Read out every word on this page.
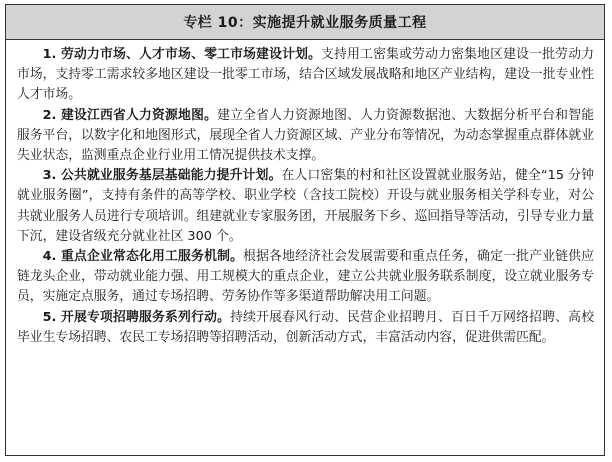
专栏 10：实施提升就业服务质量工程

1. 劳动力市场、人才市场、零工市场建设计划。支持用工密集或劳动力密集地区建设一批劳动力市场，支持零工需求较多地区建设一批零工市场，结合区域发展战略和地区产业结构，建设一批专业性人才市场。

2. 建设江西省人力资源地图。建立全省人力资源地图、人力资源数据池、大数据分析平台和智能服务平台，以数字化和地图形式，展现全省人力资源区域、产业分布等情况，为动态掌握重点群体就业失业状态，监测重点企业行业用工情况提供技术支撑。

3. 公共就业服务基层基础能力提升计划。在人口密集的村和社区设置就业服务站，健全“15 分钟就业服务圈”，支持有条件的高等学校、职业学校（含技工院校）开设与就业服务相关学科专业，对公共就业服务人员进行专项培训。组建就业专家服务团，开展服务下乡、巡回指导等活动，引导专业力量下沉，建设省级充分就业社区 300 个。

4. 重点企业常态化用工服务机制。根据各地经济社会发展需要和重点任务，确定一批产业链供应链龙头企业，带动就业能力强、用工规模大的重点企业，建立公共就业服务联系制度，设立就业服务专员，实施定点服务，通过专场招聘、劳务协作等多渠道帮助解决用工问题。

5. 开展专项招聘服务系列行动。持续开展春风行动、民营企业招聘月、百日千万网络招聘、高校毕业生专场招聘、农民工专场招聘等招聘活动，创新活动方式，丰富活动内容，促进供需匹配。
